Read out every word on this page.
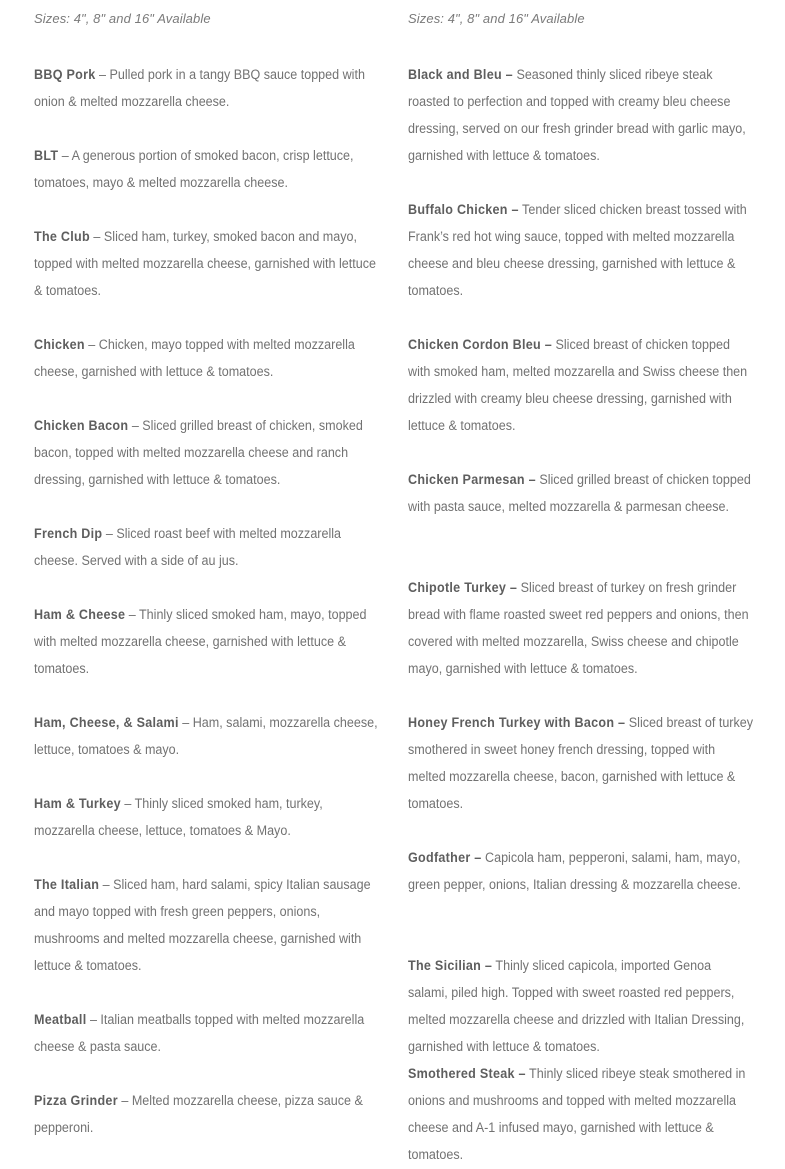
Sizes: 4", 8" and 16" Available
BBQ Pork – Pulled pork in a tangy BBQ sauce topped with onion & melted mozzarella cheese.
BLT – A generous portion of smoked bacon, crisp lettuce, tomatoes, mayo & melted mozzarella cheese.
The Club – Sliced ham, turkey, smoked bacon and mayo, topped with melted mozzarella cheese, garnished with lettuce & tomatoes.
Chicken – Chicken, mayo topped with melted mozzarella cheese, garnished with lettuce & tomatoes.
Chicken Bacon – Sliced grilled breast of chicken, smoked bacon, topped with melted mozzarella cheese and ranch dressing, garnished with lettuce & tomatoes.
French Dip – Sliced roast beef with melted mozzarella cheese. Served with a side of au jus.
Ham & Cheese – Thinly sliced smoked ham, mayo, topped with melted mozzarella cheese, garnished with lettuce & tomatoes.
Ham, Cheese, & Salami – Ham, salami, mozzarella cheese, lettuce, tomatoes & mayo.
Ham & Turkey – Thinly sliced smoked ham, turkey, mozzarella cheese, lettuce, tomatoes & Mayo.
The Italian – Sliced ham, hard salami, spicy Italian sausage and mayo topped with fresh green peppers, onions, mushrooms and melted mozzarella cheese, garnished with lettuce & tomatoes.
Meatball – Italian meatballs topped with melted mozzarella cheese & pasta sauce.
Pizza Grinder – Melted mozzarella cheese, pizza sauce & pepperoni.
Sizes: 4", 8" and 16" Available
Black and Bleu – Seasoned thinly sliced ribeye steak roasted to perfection and topped with creamy bleu cheese dressing, served on our fresh grinder bread with garlic mayo, garnished with lettuce & tomatoes.
Buffalo Chicken – Tender sliced chicken breast tossed with Frank’s red hot wing sauce, topped with melted mozzarella cheese and bleu cheese dressing, garnished with lettuce & tomatoes.
Chicken Cordon Bleu – Sliced breast of chicken topped with smoked ham, melted mozzarella and Swiss cheese then drizzled with creamy bleu cheese dressing, garnished with lettuce & tomatoes.
Chicken Parmesan – Sliced grilled breast of chicken topped with pasta sauce, melted mozzarella & parmesan cheese.
Chipotle Turkey – Sliced breast of turkey on fresh grinder bread with flame roasted sweet red peppers and onions, then covered with melted mozzarella, Swiss cheese and chipotle mayo, garnished with lettuce & tomatoes.
Honey French Turkey with Bacon – Sliced breast of turkey smothered in sweet honey french dressing, topped with melted mozzarella cheese, bacon, garnished with lettuce & tomatoes.
Godfather – Capicola ham, pepperoni, salami, ham, mayo, green pepper, onions, Italian dressing & mozzarella cheese.
The Sicilian – Thinly sliced capicola, imported Genoa salami, piled high. Topped with sweet roasted red peppers, melted mozzarella cheese and drizzled with Italian Dressing, garnished with lettuce & tomatoes.
Smothered Steak – Thinly sliced ribeye steak smothered in onions and mushrooms and topped with melted mozzarella cheese and A-1 infused mayo, garnished with lettuce & tomatoes.
